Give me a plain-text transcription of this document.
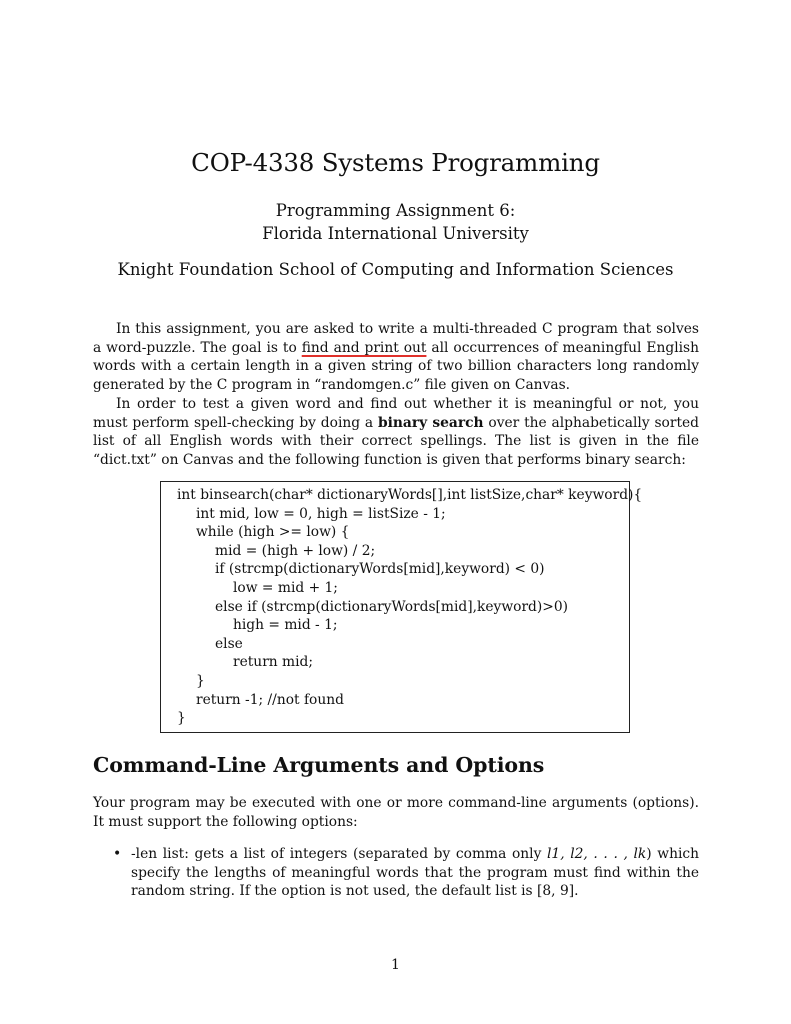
COP-4338 Systems Programming
Programming Assignment 6:
Florida International University
Knight Foundation School of Computing and Information Sciences
In this assignment, you are asked to write a multi-threaded C program that solves a word-puzzle. The goal is to find and print out all occurrences of meaningful English words with a certain length in a given string of two billion characters long randomly generated by the C program in “randomgen.c” file given on Canvas.
In order to test a given word and find out whether it is meaningful or not, you must perform spell-checking by doing a binary search over the alphabetically sorted list of all English words with their correct spellings. The list is given in the file “dict.txt” on Canvas and the following function is given that performs binary search:
int binsearch(char* dictionaryWords[],int listSize,char* keyword){
int mid, low = 0, high = listSize - 1;
while (high >= low) {
mid = (high + low) / 2;
if (strcmp(dictionaryWords[mid],keyword) < 0)
low = mid + 1;
else if (strcmp(dictionaryWords[mid],keyword)>0)
high = mid - 1;
else
return mid;
}
return -1; //not found
}
Command-Line Arguments and Options
Your program may be executed with one or more command-line arguments (options). It must support the following options:
• -len list: gets a list of integers (separated by comma only l1, l2, . . . , lk) which specify the lengths of meaningful words that the program must find within the random string. If the option is not used, the default list is [8, 9].
1
